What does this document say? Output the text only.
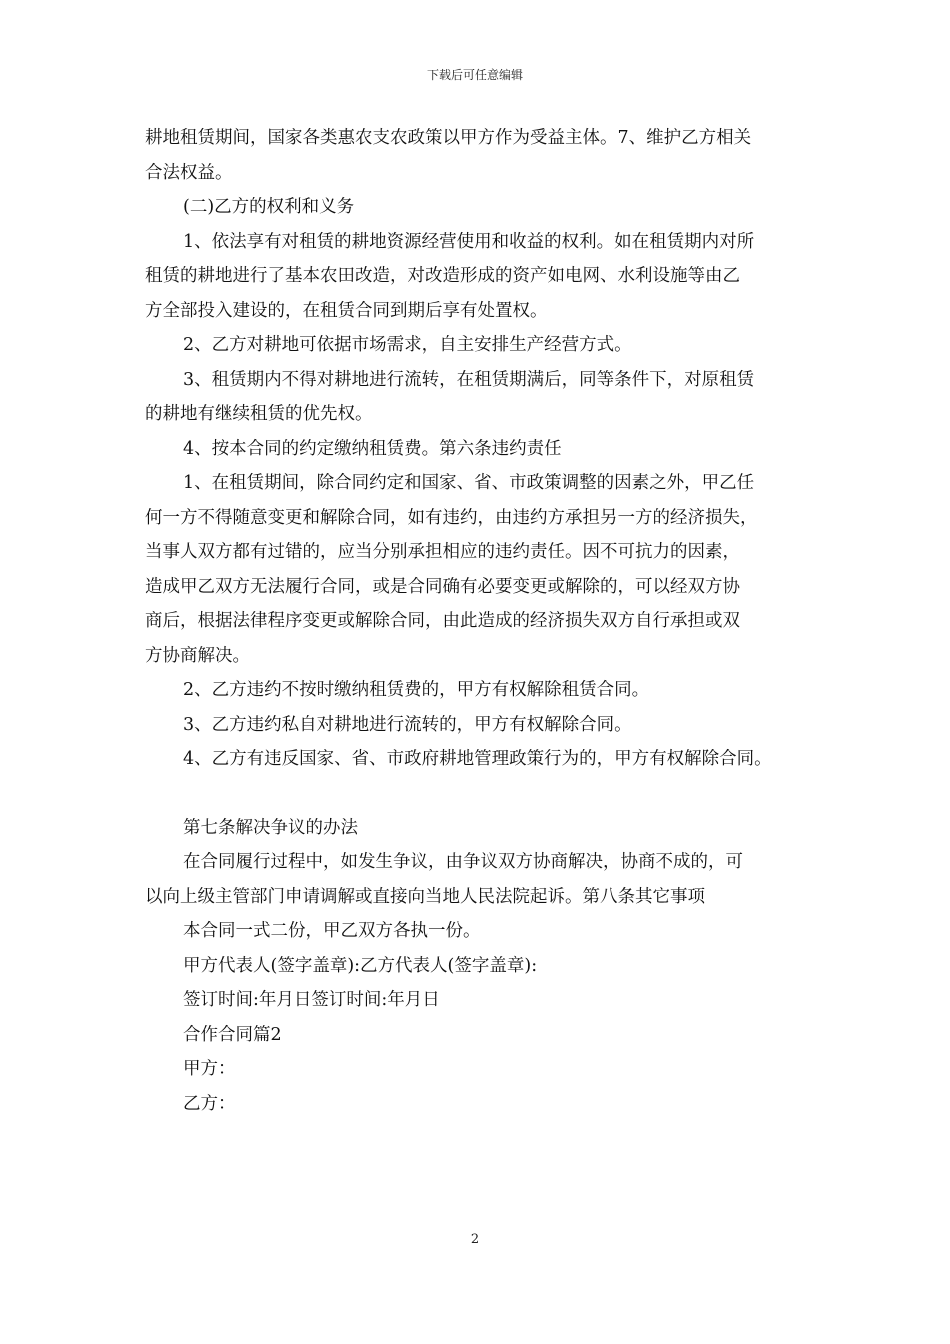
下载后可任意编辑
耕地租赁期间，国家各类惠农支农政策以甲方作为受益主体。7、维护乙方相关
合法权益。
(二)乙方的权利和义务
1、依法享有对租赁的耕地资源经营使用和收益的权利。如在租赁期内对所
租赁的耕地进行了基本农田改造，对改造形成的资产如电网、水利设施等由乙
方全部投入建设的，在租赁合同到期后享有处置权。
2、乙方对耕地可依据市场需求，自主安排生产经营方式。
3、租赁期内不得对耕地进行流转，在租赁期满后，同等条件下，对原租赁
的耕地有继续租赁的优先权。
4、按本合同的约定缴纳租赁费。第六条违约责任
1、在租赁期间，除合同约定和国家、省、市政策调整的因素之外，甲乙任
何一方不得随意变更和解除合同，如有违约，由违约方承担另一方的经济损失，
当事人双方都有过错的，应当分别承担相应的违约责任。因不可抗力的因素，
造成甲乙双方无法履行合同，或是合同确有必要变更或解除的，可以经双方协
商后，根据法律程序变更或解除合同，由此造成的经济损失双方自行承担或双
方协商解决。
2、乙方违约不按时缴纳租赁费的，甲方有权解除租赁合同。
3、乙方违约私自对耕地进行流转的，甲方有权解除合同。
4、乙方有违反国家、省、市政府耕地管理政策行为的，甲方有权解除合同。
第七条解决争议的办法
在合同履行过程中，如发生争议，由争议双方协商解决，协商不成的，可
以向上级主管部门申请调解或直接向当地人民法院起诉。第八条其它事项
本合同一式二份，甲乙双方各执一份。
甲方代表人(签字盖章):乙方代表人(签字盖章):
签订时间:年月日签订时间:年月日
合作合同篇2
甲方：
乙方：
2
